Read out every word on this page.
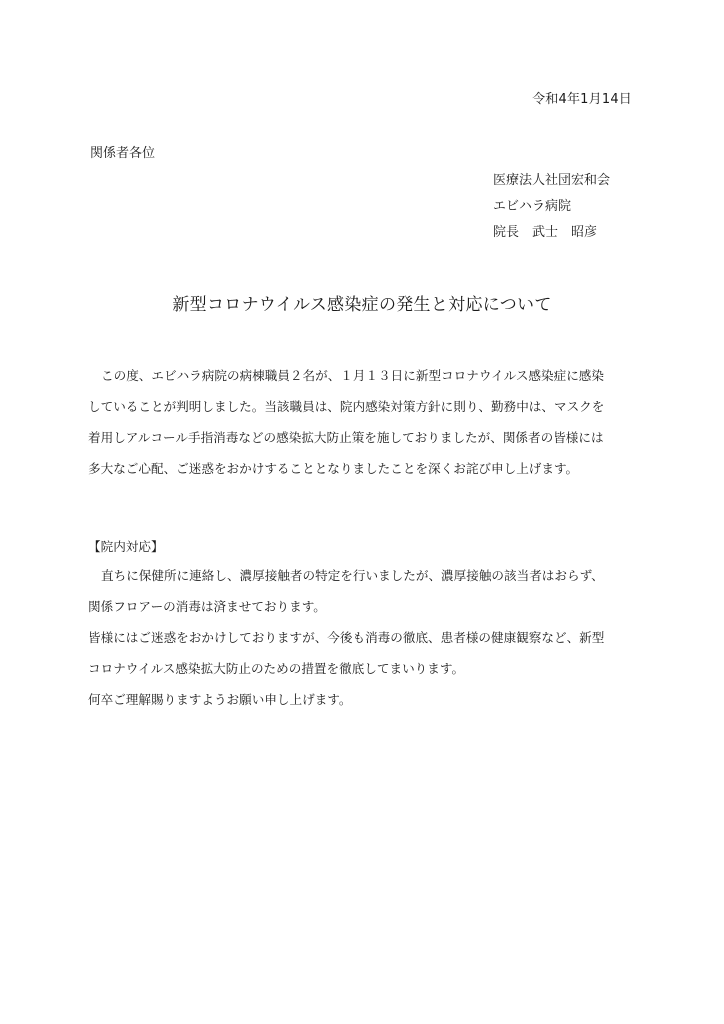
令和4年1月14日
関係者各位
医療法人社団宏和会
エビハラ病院
院長　武士　昭彦
新型コロナウイルス感染症の発生と対応について

この度、エビハラ病院の病棟職員２名が、１月１３日に新型コロナウイルス感染症に感染

していることが判明しました。当該職員は、院内感染対策方針に則り、勤務中は、マスクを

着用しアルコール手指消毒などの感染拡大防止策を施しておりましたが、関係者の皆様には

多大なご心配、ご迷惑をおかけすることとなりましたことを深くお詫び申し上げます。

【院内対応】

直ちに保健所に連絡し、濃厚接触者の特定を行いましたが、濃厚接触の該当者はおらず、

関係フロアーの消毒は済ませております。

皆様にはご迷惑をおかけしておりますが、今後も消毒の徹底、患者様の健康観察など、新型

コロナウイルス感染拡大防止のための措置を徹底してまいります。

何卒ご理解賜りますようお願い申し上げます。
